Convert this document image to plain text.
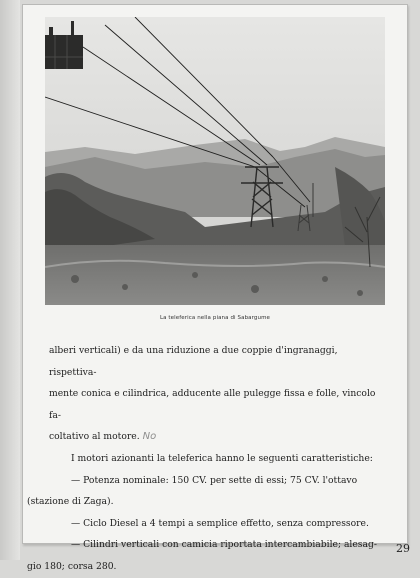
La teleferica nella piana di Sabargume

alberi verticali) e da una riduzione a due coppie d'ingranaggi, rispettiva-
mente conica e cilindrica, adducente alle pulegge fissa e folle, vincolo fa-
coltativo al motore. No

I motori azionanti la teleferica hanno le seguenti caratteristiche:

— Potenza nominale: 150 CV. per sette di essi; 75 CV. l'ottavo
(stazione di Zaga).

— Ciclo Diesel a 4 tempi a semplice effetto, senza compressore.

— Cilindri verticali con camicia riportata intercambiabile; alesag-
gio 180; corsa 280.

29
